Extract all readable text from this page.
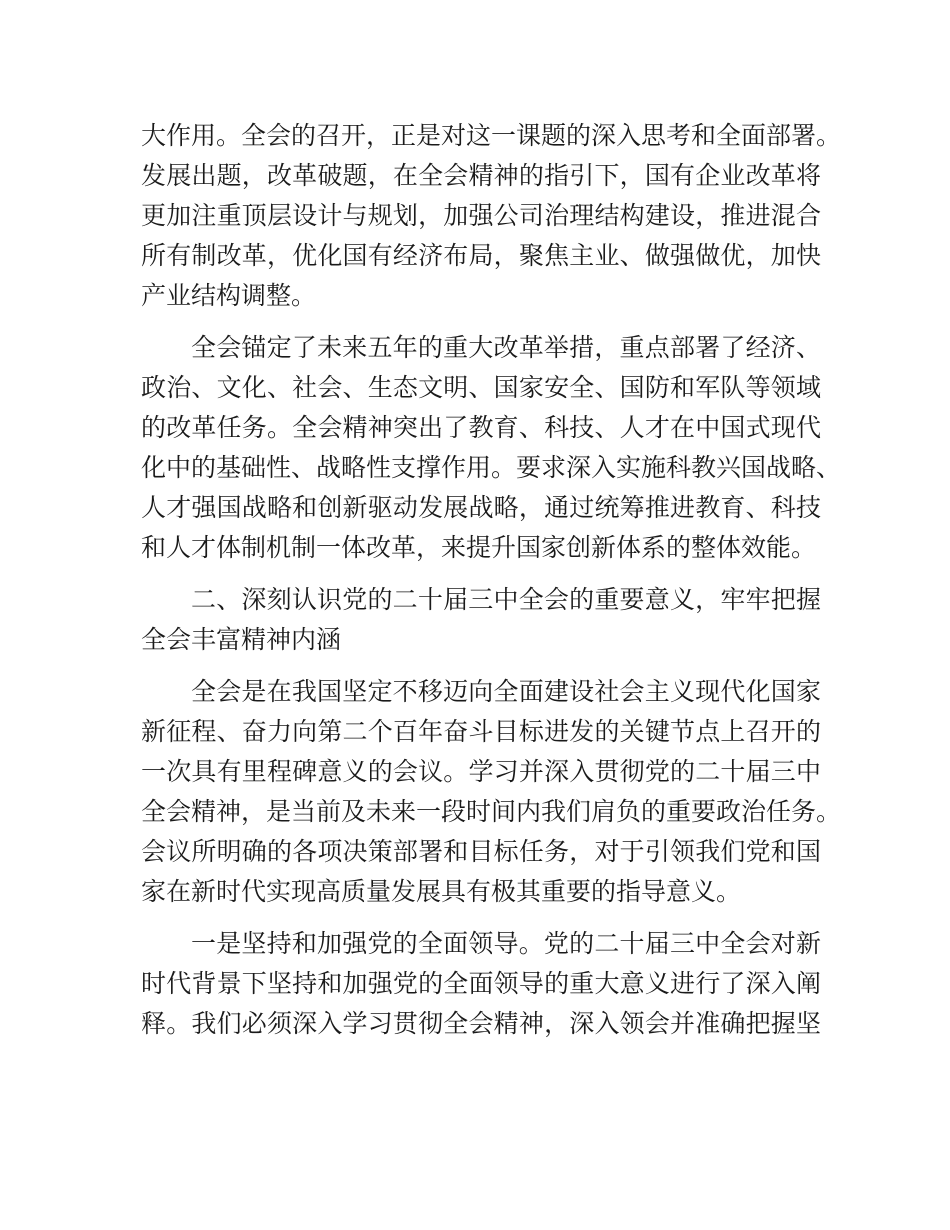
大作用。全会的召开，正是对这一课题的深入思考和全面部署。
发展出题，改革破题，在全会精神的指引下，国有企业改革将
更加注重顶层设计与规划，加强公司治理结构建设，推进混合
所有制改革，优化国有经济布局，聚焦主业、做强做优，加快
产业结构调整。
全会锚定了未来五年的重大改革举措，重点部署了经济、
政治、文化、社会、生态文明、国家安全、国防和军队等领域
的改革任务。全会精神突出了教育、科技、人才在中国式现代
化中的基础性、战略性支撑作用。要求深入实施科教兴国战略、
人才强国战略和创新驱动发展战略，通过统筹推进教育、科技
和人才体制机制一体改革，来提升国家创新体系的整体效能。
二、深刻认识党的二十届三中全会的重要意义，牢牢把握
全会丰富精神内涵
全会是在我国坚定不移迈向全面建设社会主义现代化国家
新征程、奋力向第二个百年奋斗目标进发的关键节点上召开的
一次具有里程碑意义的会议。学习并深入贯彻党的二十届三中
全会精神，是当前及未来一段时间内我们肩负的重要政治任务。
会议所明确的各项决策部署和目标任务，对于引领我们党和国
家在新时代实现高质量发展具有极其重要的指导意义。
一是坚持和加强党的全面领导。党的二十届三中全会对新
时代背景下坚持和加强党的全面领导的重大意义进行了深入阐
释。我们必须深入学习贯彻全会精神，深入领会并准确把握坚
